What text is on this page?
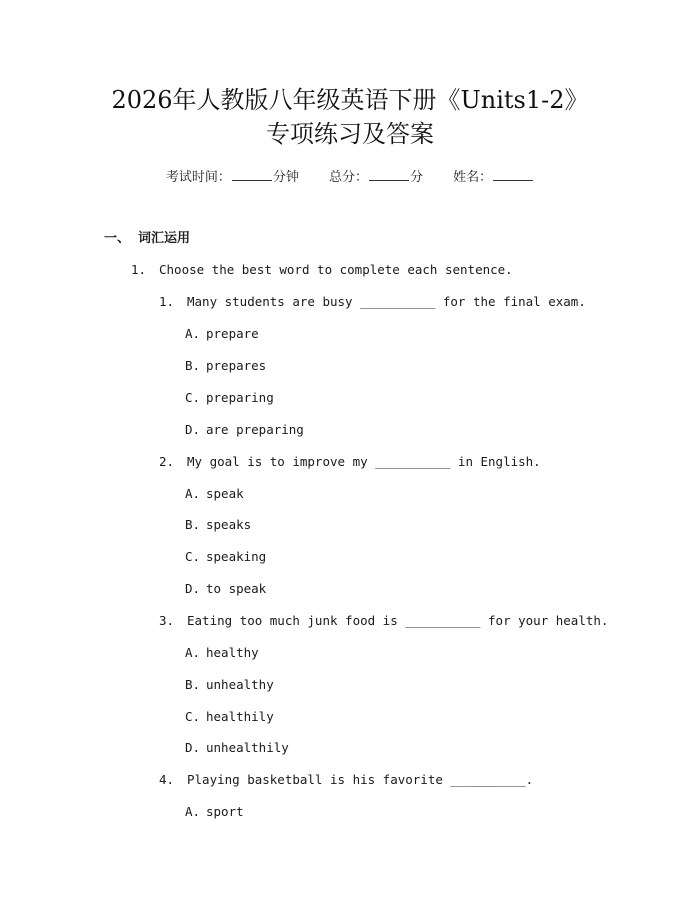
2026年人教版八年级英语下册《Units1-2》
专项练习及答案
考试时间：	分钟 总分：	分 姓名：
一、 词汇运用
1. Choose the best word to complete each sentence.
1. Many students are busy __________ for the final exam.
A. prepare
B. prepares
C. preparing
D. are preparing
2. My goal is to improve my __________ in English.
A. speak
B. speaks
C. speaking
D. to speak
3. Eating too much junk food is __________ for your health.
A. healthy
B. unhealthy
C. healthily
D. unhealthily
4. Playing basketball is his favorite __________.
A. sport
